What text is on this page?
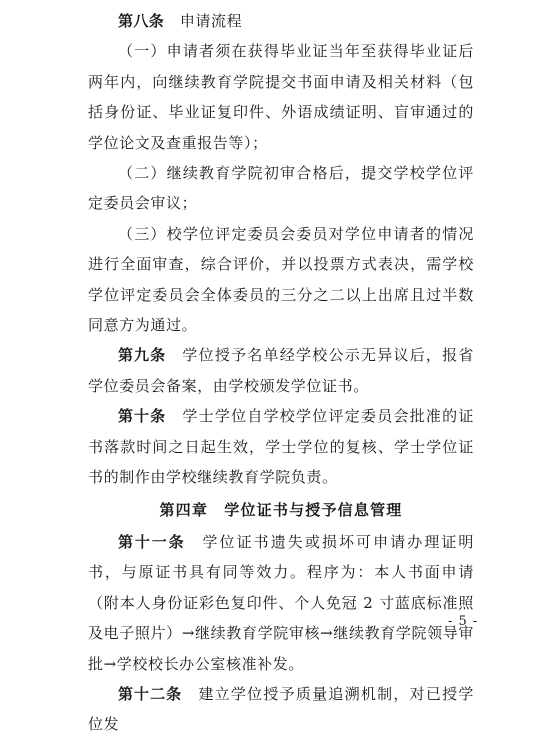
第八条　 申请流程

（一）申请者须在获得毕业证当年至获得毕业证后两年内，向继续教育学院提交书面申请及相关材料（包括身份证、毕业证复印件、外语成绩证明、盲审通过的学位论文及查重报告等）；

（二）继续教育学院初审合格后，提交学校学位评定委员会审议；

（三）校学位评定委员会委员对学位申请者的情况进行全面审查，综合评价，并以投票方式表决，需学校学位评定委员会全体委员的三分之二以上出席且过半数同意方为通过。

第九条　 学位授予名单经学校公示无异议后，报省学位委员会备案，由学校颁发学位证书。

第十条　 学士学位自学校学位评定委员会批准的证书落款时间之日起生效，学士学位的复核、学士学位证书的制作由学校继续教育学院负责。

第四章　学位证书与授予信息管理

第十一条　 学位证书遗失或损坏可申请办理证明书，与原证书具有同等效力。程序为：本人书面申请（附本人身份证彩色复印件、个人免冠 2 寸蓝底标准照及电子照片）→继续教育学院审核→继续教育学院领导审批→学校校长办公室核准补发。

第十二条　 建立学位授予质量追溯机制，对已授学位发

- 5 -
